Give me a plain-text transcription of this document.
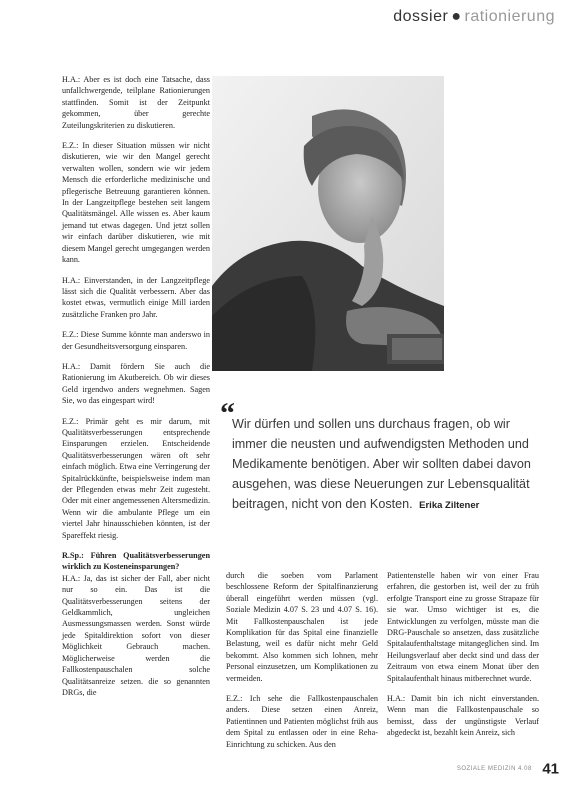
dossier ● rationierung

H.A.: Aber es ist doch eine Tatsache, dass unfallchwergende, teilplane Rationierungen stattfinden. Somit ist der Zeitpunkt gekommen, über gerechte Zuteilungskriterien zu diskutieren.

E.Z.: In dieser Situation müssen wir nicht diskutieren, wie wir den Mangel gerecht verwalten wollen, sondern wie wir jedem Mensch die erforderliche medizinische und pflegerische Betreuung garantieren können. In der Langzeitpflege bestehen seit langem Qualitätsmängel. Alle wissen es. Aber kaum jemand tut etwas dagegen. Und jetzt sollen wir einfach darüber diskutieren, wie mit diesem Mangel gerecht umgegangen werden kann.

H.A.: Einverstanden, in der Langzeitpflege lässt sich die Qualität verbessern. Aber das kostet etwas, vermutlich einige Mill iarden zusätzliche Franken pro Jahr.

E.Z.: Diese Summe könnte man anderswo in der Gesundheitsversorgung einsparen.

H.A.: Damit fördern Sie auch die Rationierung im Akutbereich. Ob wir dieses Geld irgendwo anders wegnehmen. Sagen Sie, wo das eingespart wird!

E.Z.: Primär geht es mir darum, mit Qualitätsverbesserungen entsprechende Einsparungen erzielen. Entscheidende Qualitätsverbesserungen wären oft sehr einfach möglich. Etwa eine Verringerung der Spitalrückkünfte, beispielsweise indem man der Pflegenden etwas mehr Zeit zugesteht. Oder mit einer angemessenen Altersmedizin. Wenn wir die ambulante Pflege um ein viertel Jahr hinausschieben könnten, ist der Spareffekt riesig.

R.Sp.: Führen Qualitätsverbesserungen wirklich zu Kosteneinsparungen?

H.A.: Ja, das ist sicher der Fall, aber nicht nur so ein. Das ist die Qualitätsverbesserungen seitens der Geldkammlich, ungleichen Ausmessungsmassen werden. Sonst würde jede Spitaldirektion sofort von dieser Möglichkeit Gebrauch machen. Möglicherweise werden die Fallkostenpauschalen solche Qualitätsanreize setzen. die so genannten DRGs, die

“
Wir dürfen und sollen uns durchaus fragen, ob wir immer die neusten und aufwendigsten Methoden und Medikamente benötigen. Aber wir sollten dabei davon ausgehen, was diese Neuerungen zur Lebensqualität beitragen, nicht von den Kosten. Erika Ziltener

durch die soeben vom Parlament beschlossene Reform der Spitalfinanzierung überall eingeführt werden müssen (vgl. Soziale Medizin 4.07 S. 23 und 4.07 S. 16). Mit Fallkostenpauschalen ist jede Komplikation für das Spital eine finanzielle Belastung, weil es dafür nicht mehr Geld bekommt. Also kommen sich lohnen, mehr Personal einzusetzen, um Komplikationen zu vermeiden.

E.Z.: Ich sehe die Fallkostenpauschalen anders. Diese setzen einen Anreiz, Patientinnen und Patienten möglichst früh aus dem Spital zu entlassen oder in eine Reha-Einrichtung zu schicken. Aus den

Patientenstelle haben wir von einer Frau erfahren, die gestorben ist, weil der zu früh erfolgte Transport eine zu grosse Strapaze für sie war. Umso wichtiger ist es, die Entwicklungen zu verfolgen, müsste man die DRG-Pauschale so ansetzen, dass zusätzliche Spitalaufenthaltstage mitangeglichen sind. Im Heilungsverlauf aber deckt sind und dass der Zeitraum von etwa einem Monat über den Spitalaufenthalt hinaus mitberechnet wurde.

H.A.: Damit bin ich nicht einverstanden. Wenn man die Fallkostenpauschale so bemisst, dass der ungünstigste Verlauf abgedeckt ist, bezahlt kein Anreiz, sich

SOZIALE MEDIZIN 4.08 41
